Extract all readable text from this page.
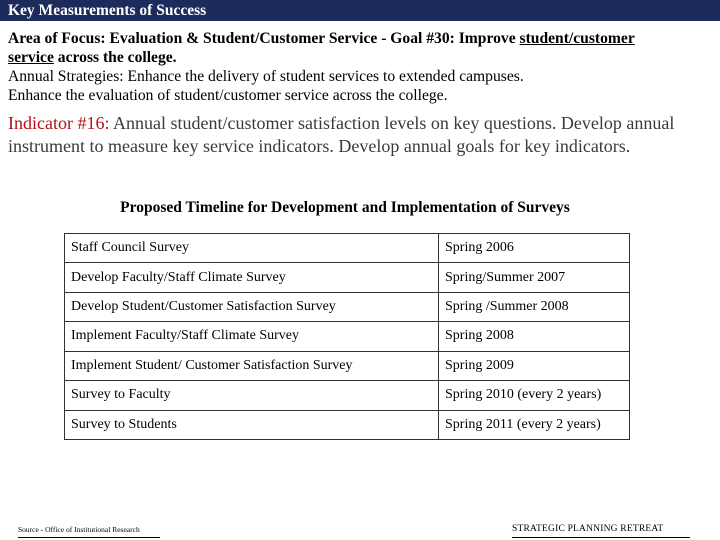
Key Measurements of Success
Area of Focus: Evaluation & Student/Customer Service - Goal #30: Improve student/customer
service across the college.
Annual Strategies: Enhance the delivery of student services to extended campuses.
Enhance the evaluation of student/customer service across the college.
Indicator #16: Annual student/customer satisfaction levels on key questions. Develop annual instrument to measure key service indicators. Develop annual goals for key indicators.
Proposed Timeline for Development and Implementation of Surveys
Staff Council Survey	Spring 2006
Develop Faculty/Staff Climate Survey	Spring/Summer 2007
Develop Student/Customer Satisfaction Survey	Spring /Summer 2008
Implement Faculty/Staff Climate Survey	Spring 2008
Implement Student/ Customer Satisfaction Survey	Spring 2009
Survey to Faculty	Spring 2010 (every 2 years)
Survey to Students	Spring 2011 (every 2 years)
Source - Office of Institutional Research	STRATEGIC PLANNING RETREAT
